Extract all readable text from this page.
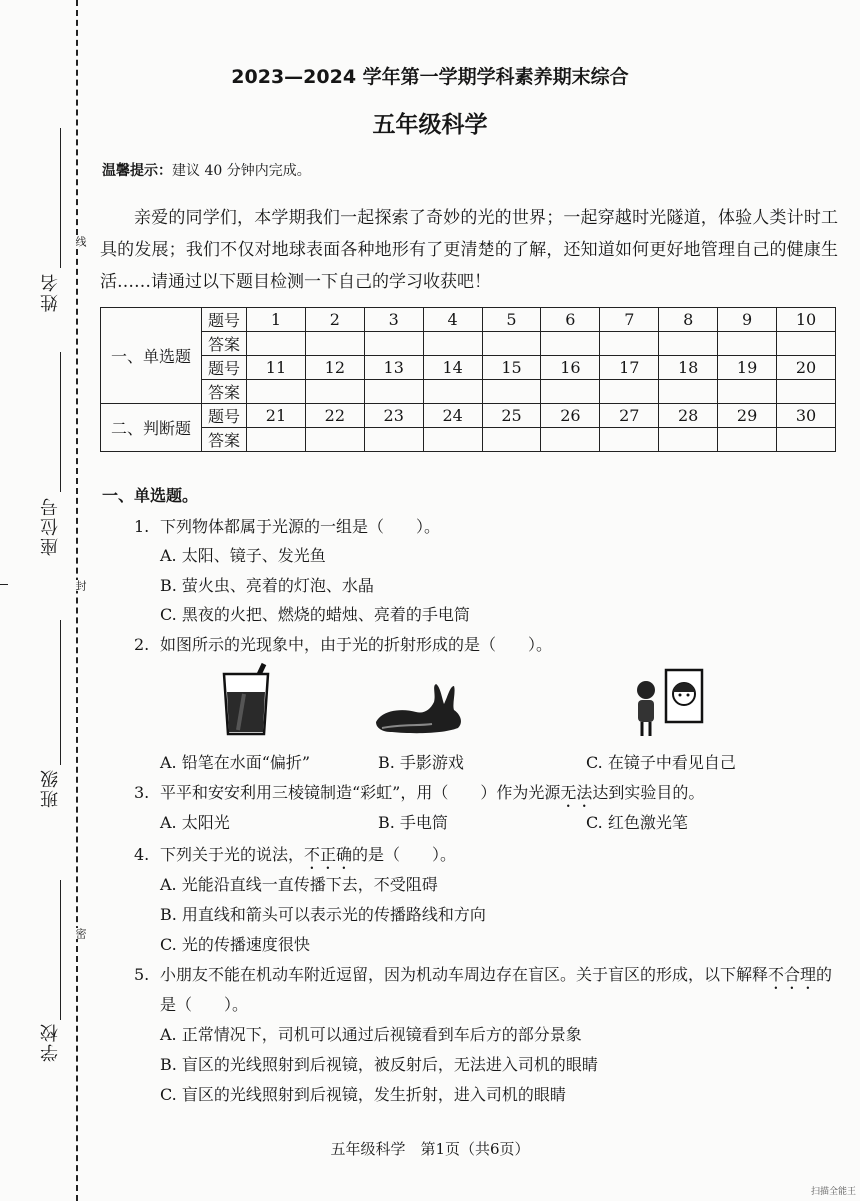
姓名
座位号
班级
学校
线
封
密
2023—2024 学年第一学期学科素养期末综合
五年级科学
温馨提示：建议 40 分钟内完成。
亲爱的同学们，本学期我们一起探索了奇妙的光的世界；一起穿越时光隧道，体验人类计时工具的发展；我们不仅对地球表面各种地形有了更清楚的了解，还知道如何更好地管理自己的健康生活……请通过以下题目检测一下自己的学习收获吧！
一、单选题	题号	1	2	3	4	5	6	7	8	9	10
	答案										
	题号	11	12	13	14	15	16	17	18	19	20
	答案										
二、判断题	题号	21	22	23	24	25	26	27	28	29	30
	答案										
一、单选题。
1. 下列物体都属于光源的一组是（　　）。
A. 太阳、镜子、发光鱼
B. 萤火虫、亮着的灯泡、水晶
C. 黑夜的火把、燃烧的蜡烛、亮着的手电筒
2. 如图所示的光现象中，由于光的折射形成的是（　　）。
A. 铅笔在水面“偏折”	B. 手影游戏	C. 在镜子中看见自己
3. 平平和安安利用三棱镜制造“彩虹”，用（　　）作为光源无法达到实验目的。
A. 太阳光	B. 手电筒	C. 红色激光笔
4. 下列关于光的说法，不正确的是（　　）。
A. 光能沿直线一直传播下去，不受阻碍
B. 用直线和箭头可以表示光的传播路线和方向
C. 光的传播速度很快
5. 小朋友不能在机动车附近逗留，因为机动车周边存在盲区。关于盲区的形成，以下解释不合理的
是（　　）。
A. 正常情况下，司机可以通过后视镜看到车后方的部分景象
B. 盲区的光线照射到后视镜，被反射后，无法进入司机的眼睛
C. 盲区的光线照射到后视镜，发生折射，进入司机的眼睛
五年级科学　第1页（共6页）
扫描全能王
